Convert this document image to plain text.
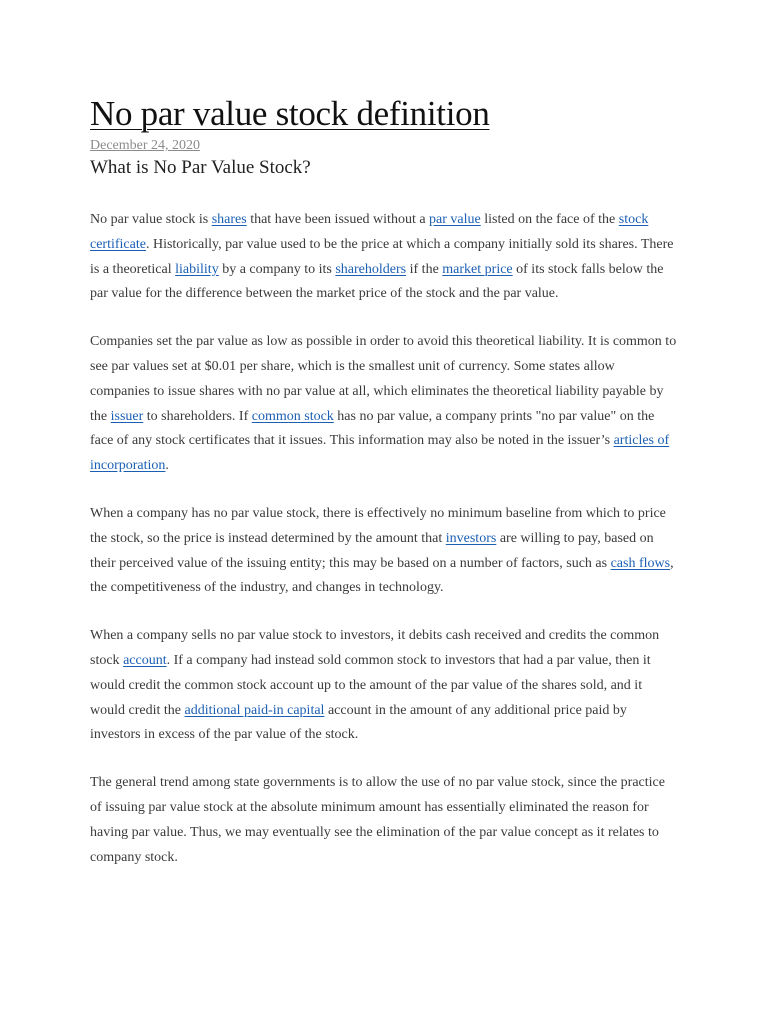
No par value stock definition
December 24, 2020
What is No Par Value Stock?

No par value stock is shares that have been issued without a par value listed on the face of the stock certificate. Historically, par value used to be the price at which a company initially sold its shares. There is a theoretical liability by a company to its shareholders if the market price of its stock falls below the par value for the difference between the market price of the stock and the par value.

Companies set the par value as low as possible in order to avoid this theoretical liability. It is common to see par values set at $0.01 per share, which is the smallest unit of currency. Some states allow companies to issue shares with no par value at all, which eliminates the theoretical liability payable by the issuer to shareholders. If common stock has no par value, a company prints "no par value" on the face of any stock certificates that it issues. This information may also be noted in the issuer’s articles of incorporation.

When a company has no par value stock, there is effectively no minimum baseline from which to price the stock, so the price is instead determined by the amount that investors are willing to pay, based on their perceived value of the issuing entity; this may be based on a number of factors, such as cash flows, the competitiveness of the industry, and changes in technology.

When a company sells no par value stock to investors, it debits cash received and credits the common stock account. If a company had instead sold common stock to investors that had a par value, then it would credit the common stock account up to the amount of the par value of the shares sold, and it would credit the additional paid-in capital account in the amount of any additional price paid by investors in excess of the par value of the stock.

The general trend among state governments is to allow the use of no par value stock, since the practice of issuing par value stock at the absolute minimum amount has essentially eliminated the reason for having par value. Thus, we may eventually see the elimination of the par value concept as it relates to company stock.
